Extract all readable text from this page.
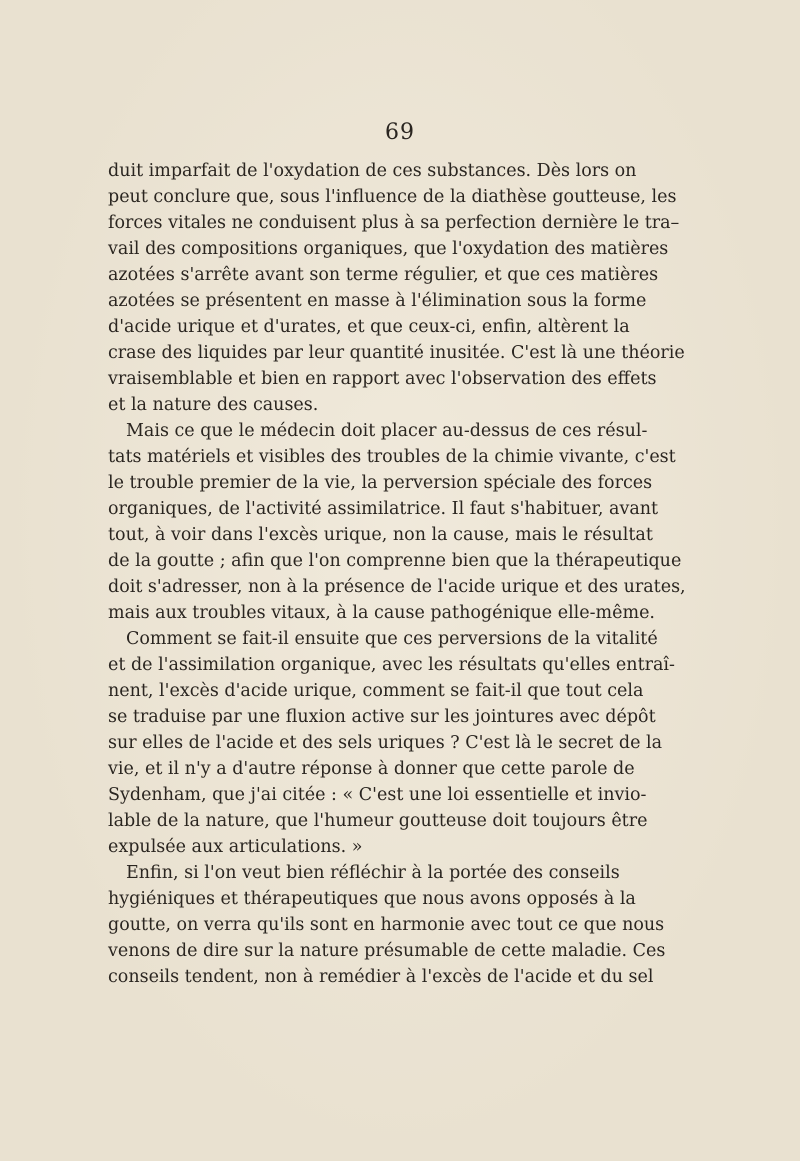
69
duit imparfait de l'oxydation de ces substances. Dès lors on
peut conclure que, sous l'influence de la diathèse goutteuse, les
forces vitales ne conduisent plus à sa perfection dernière le tra–
vail des compositions organiques, que l'oxydation des matières
azotées s'arrête avant son terme régulier, et que ces matières
azotées se présentent en masse à l'élimination sous la forme
d'acide urique et d'urates, et que ceux-ci, enfin, altèrent la
crase des liquides par leur quantité inusitée. C'est là une théorie
vraisemblable et bien en rapport avec l'observation des effets
et la nature des causes.
Mais ce que le médecin doit placer au-dessus de ces résul-
tats matériels et visibles des troubles de la chimie vivante, c'est
le trouble premier de la vie, la perversion spéciale des forces
organiques, de l'activité assimilatrice. Il faut s'habituer, avant
tout, à voir dans l'excès urique, non la cause, mais le résultat
de la goutte ; afin que l'on comprenne bien que la thérapeutique
doit s'adresser, non à la présence de l'acide urique et des urates,
mais aux troubles vitaux, à la cause pathogénique elle-même.
Comment se fait-il ensuite que ces perversions de la vitalité
et de l'assimilation organique, avec les résultats qu'elles entraî-
nent, l'excès d'acide urique, comment se fait-il que tout cela
se traduise par une fluxion active sur les jointures avec dépôt
sur elles de l'acide et des sels uriques ? C'est là le secret de la
vie, et il n'y a d'autre réponse à donner que cette parole de
Sydenham, que j'ai citée : « C'est une loi essentielle et invio-
lable de la nature, que l'humeur goutteuse doit toujours être
expulsée aux articulations. »
Enfin, si l'on veut bien réfléchir à la portée des conseils
hygiéniques et thérapeutiques que nous avons opposés à la
goutte, on verra qu'ils sont en harmonie avec tout ce que nous
venons de dire sur la nature présumable de cette maladie. Ces
conseils tendent, non à remédier à l'excès de l'acide et du sel
